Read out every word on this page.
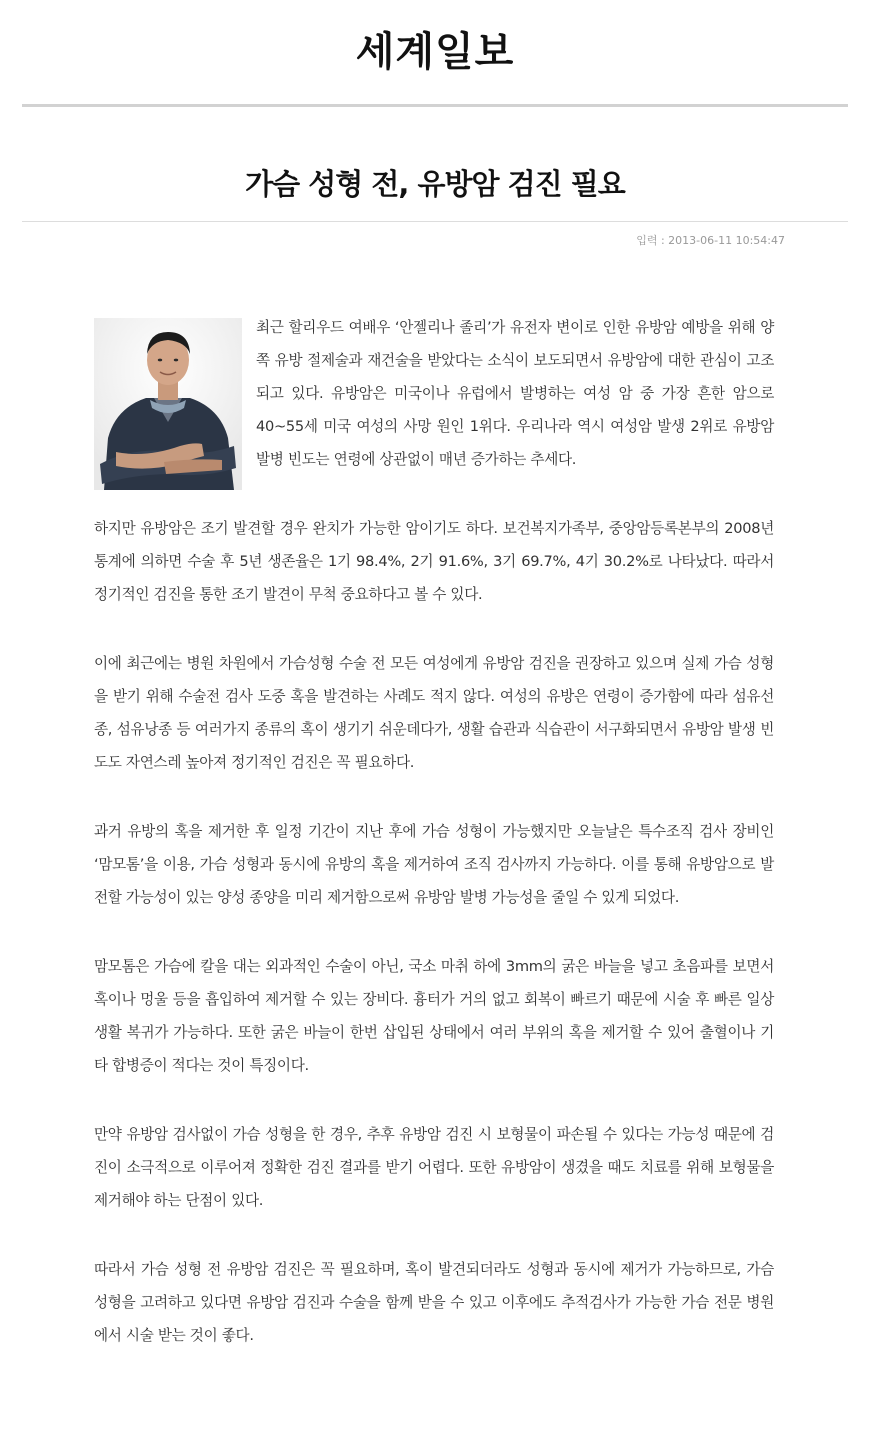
세계일보
가슴 성형 전, 유방암 검진 필요
입력 : 2013-06-11 10:54:47

최근 할리우드 여배우 ‘안젤리나 졸리’가 유전자 변이로 인한 유방암 예방을 위해 양쪽 유방 절제술과 재건술을 받았다는 소식이 보도되면서 유방암에 대한 관심이 고조되고 있다. 유방암은 미국이나 유럽에서 발병하는 여성 암 중 가장 흔한 암으로 40~55세 미국 여성의 사망 원인 1위다. 우리나라 역시 여성암 발생 2위로 유방암 발병 빈도는 연령에 상관없이 매년 증가하는 추세다.

하지만 유방암은 조기 발견할 경우 완치가 가능한 암이기도 하다. 보건복지가족부, 중앙암등록본부의 2008년 통계에 의하면 수술 후 5년 생존율은 1기 98.4%, 2기 91.6%, 3기 69.7%, 4기 30.2%로 나타났다. 따라서 정기적인 검진을 통한 조기 발견이 무척 중요하다고 볼 수 있다.

이에 최근에는 병원 차원에서 가슴성형 수술 전 모든 여성에게 유방암 검진을 권장하고 있으며 실제 가슴 성형을 받기 위해 수술전 검사 도중 혹을 발견하는 사례도 적지 않다. 여성의 유방은 연령이 증가함에 따라 섬유선종, 섬유낭종 등 여러가지 종류의 혹이 생기기 쉬운데다가, 생활 습관과 식습관이 서구화되면서 유방암 발생 빈도도 자연스레 높아져 정기적인 검진은 꼭 필요하다.

과거 유방의 혹을 제거한 후 일정 기간이 지난 후에 가슴 성형이 가능했지만 오늘날은 특수조직 검사 장비인 ‘맘모톰’을 이용, 가슴 성형과 동시에 유방의 혹을 제거하여 조직 검사까지 가능하다. 이를 통해 유방암으로 발전할 가능성이 있는 양성 종양을 미리 제거함으로써 유방암 발병 가능성을 줄일 수 있게 되었다.

맘모톰은 가슴에 칼을 대는 외과적인 수술이 아닌, 국소 마취 하에 3mm의 굵은 바늘을 넣고 초음파를 보면서 혹이나 멍울 등을 흡입하여 제거할 수 있는 장비다. 흉터가 거의 없고 회복이 빠르기 때문에 시술 후 빠른 일상생활 복귀가 가능하다. 또한 굵은 바늘이 한번 삽입된 상태에서 여러 부위의 혹을 제거할 수 있어 출혈이나 기타 합병증이 적다는 것이 특징이다.

만약 유방암 검사없이 가슴 성형을 한 경우, 추후 유방암 검진 시 보형물이 파손될 수 있다는 가능성 때문에 검진이 소극적으로 이루어져 정확한 검진 결과를 받기 어렵다. 또한 유방암이 생겼을 때도 치료를 위해 보형물을 제거해야 하는 단점이 있다.

따라서 가슴 성형 전 유방암 검진은 꼭 필요하며, 혹이 발견되더라도 성형과 동시에 제거가 가능하므로, 가슴 성형을 고려하고 있다면 유방암 검진과 수술을 함께 받을 수 있고 이후에도 추적검사가 가능한 가슴 전문 병원에서 시술 받는 것이 좋다.
